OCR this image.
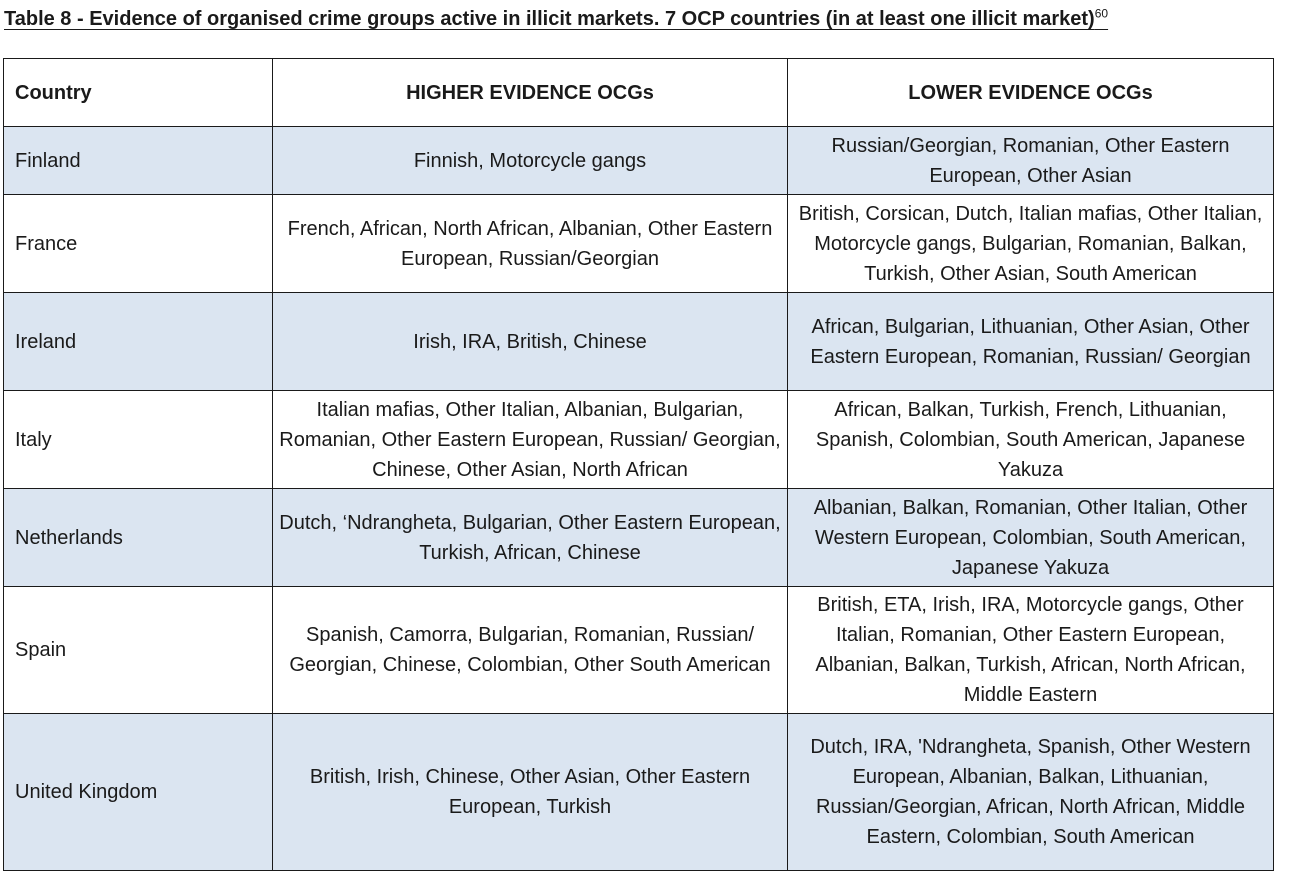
Table 8 - Evidence of organised crime groups active in illicit markets. 7 OCP countries (in at least one illicit market)$^{60}$
Country	HIGHER EVIDENCE OCGs	LOWER EVIDENCE OCGs
Finland	Finnish, Motorcycle gangs	Russian/Georgian, Romanian, Other Eastern European, Other Asian
France	French, African, North African, Albanian, Other Eastern European, Russian/Georgian	British, Corsican, Dutch, Italian mafias, Other Italian, Motorcycle gangs, Bulgarian, Romanian, Balkan, Turkish, Other Asian, South American
Ireland	Irish, IRA, British, Chinese	African, Bulgarian, Lithuanian, Other Asian, Other Eastern European, Romanian, Russian/ Georgian
Italy	Italian mafias, Other Italian, Albanian, Bulgarian, Romanian, Other Eastern European, Russian/ Georgian, Chinese, Other Asian, North African	African, Balkan, Turkish, French, Lithuanian, Spanish, Colombian, South American, Japanese Yakuza
Netherlands	Dutch, ‘Ndrangheta, Bulgarian, Other Eastern European, Turkish, African, Chinese	Albanian, Balkan, Romanian, Other Italian, Other Western European, Colombian, South American, Japanese Yakuza
Spain	Spanish, Camorra, Bulgarian, Romanian, Russian/ Georgian, Chinese, Colombian, Other South American	British, ETA, Irish, IRA, Motorcycle gangs, Other Italian, Romanian, Other Eastern European, Albanian, Balkan, Turkish, African, North African, Middle Eastern
United Kingdom	British, Irish, Chinese, Other Asian, Other Eastern European, Turkish	Dutch, IRA, 'Ndrangheta, Spanish, Other Western European, Albanian, Balkan, Lithuanian, Russian/Georgian, African, North African, Middle Eastern, Colombian, South American
